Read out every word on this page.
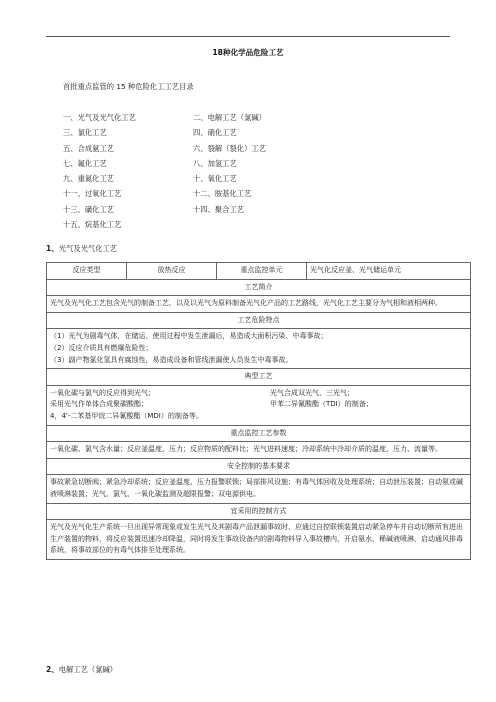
18种化学品危险工艺
首批重点监管的 15 种危险化工工艺目录
一、光气及光气化工艺	二、电解工艺（氯碱）
三、氯化工艺	四、硝化工艺
五、合成氨工艺	六、裂解（裂化）工艺
七、氟化工艺	八、加氢工艺
九、重氮化工艺	十、氧化工艺
十一、过氧化工艺	十二、胺基化工艺
十三、磺化工艺	十四、聚合工艺
十五、烷基化工艺
1、光气及光气化工艺
反应类型	放热反应	重点监控单元	光气化反应釜、光气储运单元
工艺简介
光气及光气化工艺包含光气的制备工艺，以及以光气为原料制备光气化产品的工艺路线，光气化工艺主要分为气相和液相两种。
工艺危险特点

（1）光气为剧毒气体，在储运、使用过程中发生泄漏后，易造成大面积污染、中毒事故；
（2）反应介质具有燃爆危险性；
（3）副产物氯化氢具有腐蚀性，易造成设备和管线泄漏使人员发生中毒事故。

典型工艺

一氧化碳与氯气的反应得到光气；	光气合成双光气、三光气；
采用光气作单体合成聚碳酸酯；	甲苯二异氰酸酯（TDI）的制备；
4，4'-二苯基甲烷二异氰酸酯（MDI）的制备等。

重点监控工艺参数
一氧化碳、氯气含水量；反应釜温度、压力；反应物质的配料比；光气进料速度；冷却系统中冷却介质的温度、压力、流量等。
安全控制的基本要求
事故紧急切断阀；紧急冷却系统；反应釜温度、压力报警联锁；局部排风设施；有毒气体回收及处理系统；自动泄压装置；自动氨或碱液喷淋装置；光气、氯气、一氧化碳监测及超限报警；双电源供电。
宜采用的控制方式
光气及光气化生产系统一旦出现异常现象或发生光气及其剧毒产品泄漏事故时，应通过自控联锁装置启动紧急停车并自动切断所有进出生产装置的物料，将反应装置迅速冷却降温，同时将发生事故设备内的剧毒物料导入事故槽内，开启氨水、稀碱液喷淋，启动通风排毒系统，将事故部位的有毒气体排至处理系统。
2、电解工艺（氯碱）
